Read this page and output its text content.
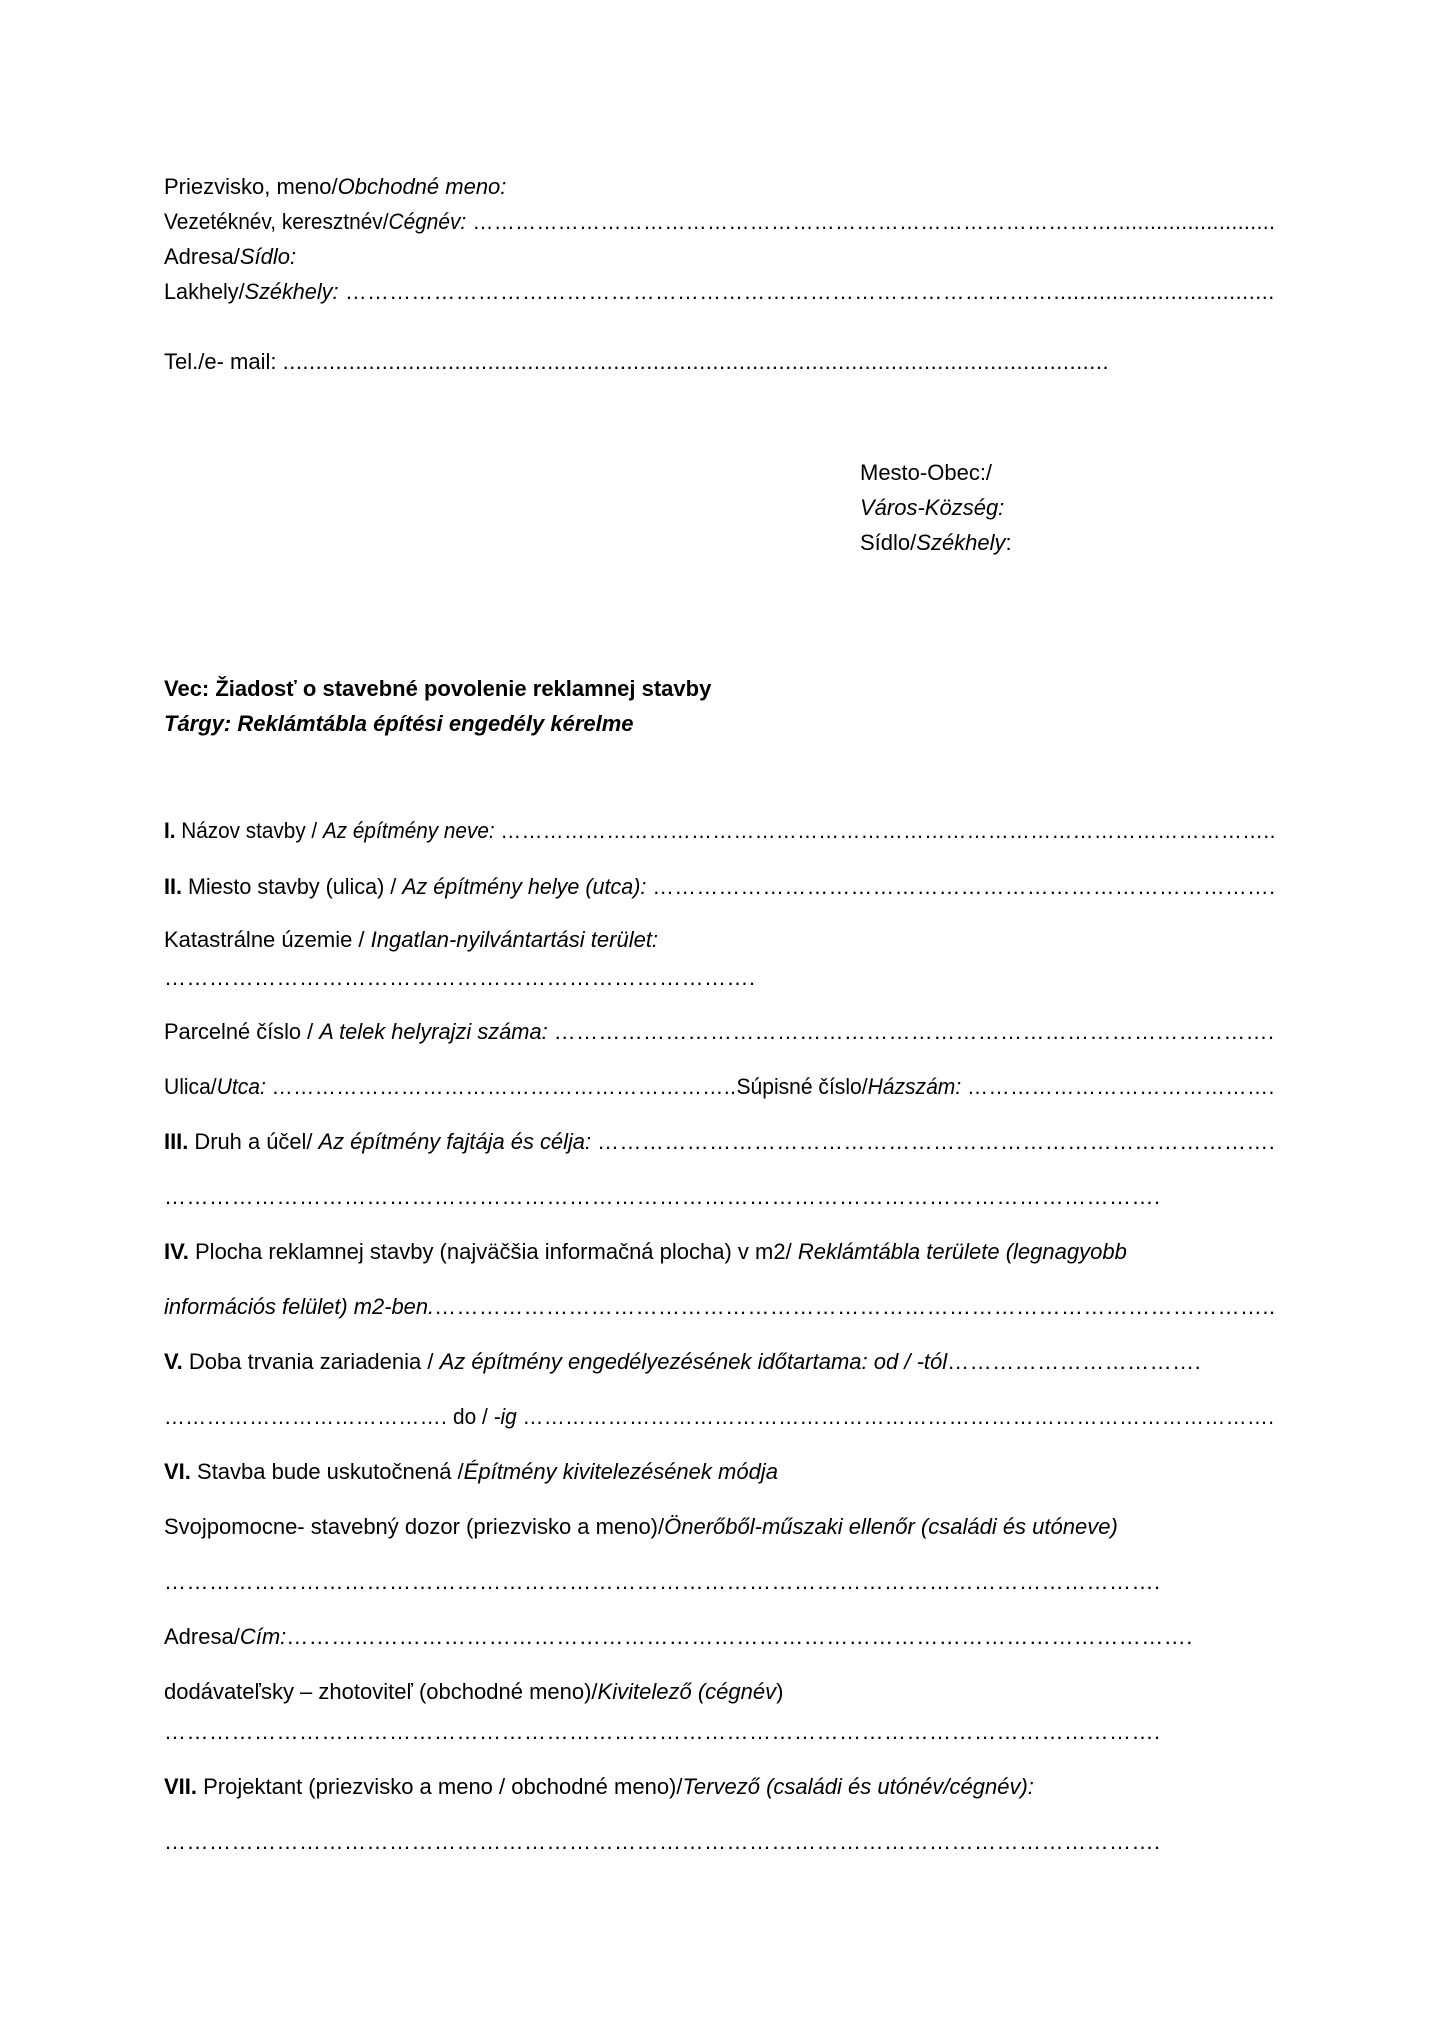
Priezvisko, meno/Obchodné meno:
Vezetéknév, keresztnév/Cégnév: ………………………………………………………………………………..........................
Adresa/Sídlo:
Lakhely/Székhely: ……………………………………………………………………………………..................................
Tel./e- mail: .............................................................................................................................
Mesto-Obec:/
Város-Község:
Sídlo/Székhely:
Vec: Žiadosť o stavebné povolenie reklamnej stavby
Tárgy: Reklámtábla építési engedély kérelme
I. Názov stavby / Az építmény neve: ………………………………………………………………………………………………..
II. Miesto stavby (ulica) / Az építmény helye (utca): ………………………………………………………………………….
Katastrálne územie / Ingatlan-nyilvántartási terület:
…………………………………………………………………….
Parcelné číslo / A telek helyrajzi száma: …………………………………………………………………………………….
Ulica/Utca: ………………………………………………………..Súpisné číslo/Házszám: …………………………………….
III. Druh a účel/ Az építmény fajtája és célja: ……………………………………………………………………………….
…………………………………………………………………………………………………………………….
IV. Plocha reklamnej stavby (najväčšia informačná plocha) v m2/ Reklámtábla területe (legnagyobb
információs felület) m2-ben.…………………………………………………………………………………………………..
V. Doba trvania zariadenia / Az építmény engedélyezésének időtartama: od / -tól…………………………….
…………………………………. do / -ig …………………………………………………………………………………………….
VI. Stavba bude uskutočnená /Építmény kivitelezésének módja
Svojpomocne- stavebný dozor (priezvisko a meno)/Önerőből-műszaki ellenőr (családi és utóneve)
…………………………………………………………………………………………………………………….
Adresa/Cím:………………………………………………………………………………………………………….
dodávateľsky – zhotoviteľ (obchodné meno)/Kivitelező (cégnév)
…………………………………………………………………………………………………………………….
VII. Projektant (priezvisko a meno / obchodné meno)/Tervező (családi és utónév/cégnév):
…………………………………………………………………………………………………………………….
